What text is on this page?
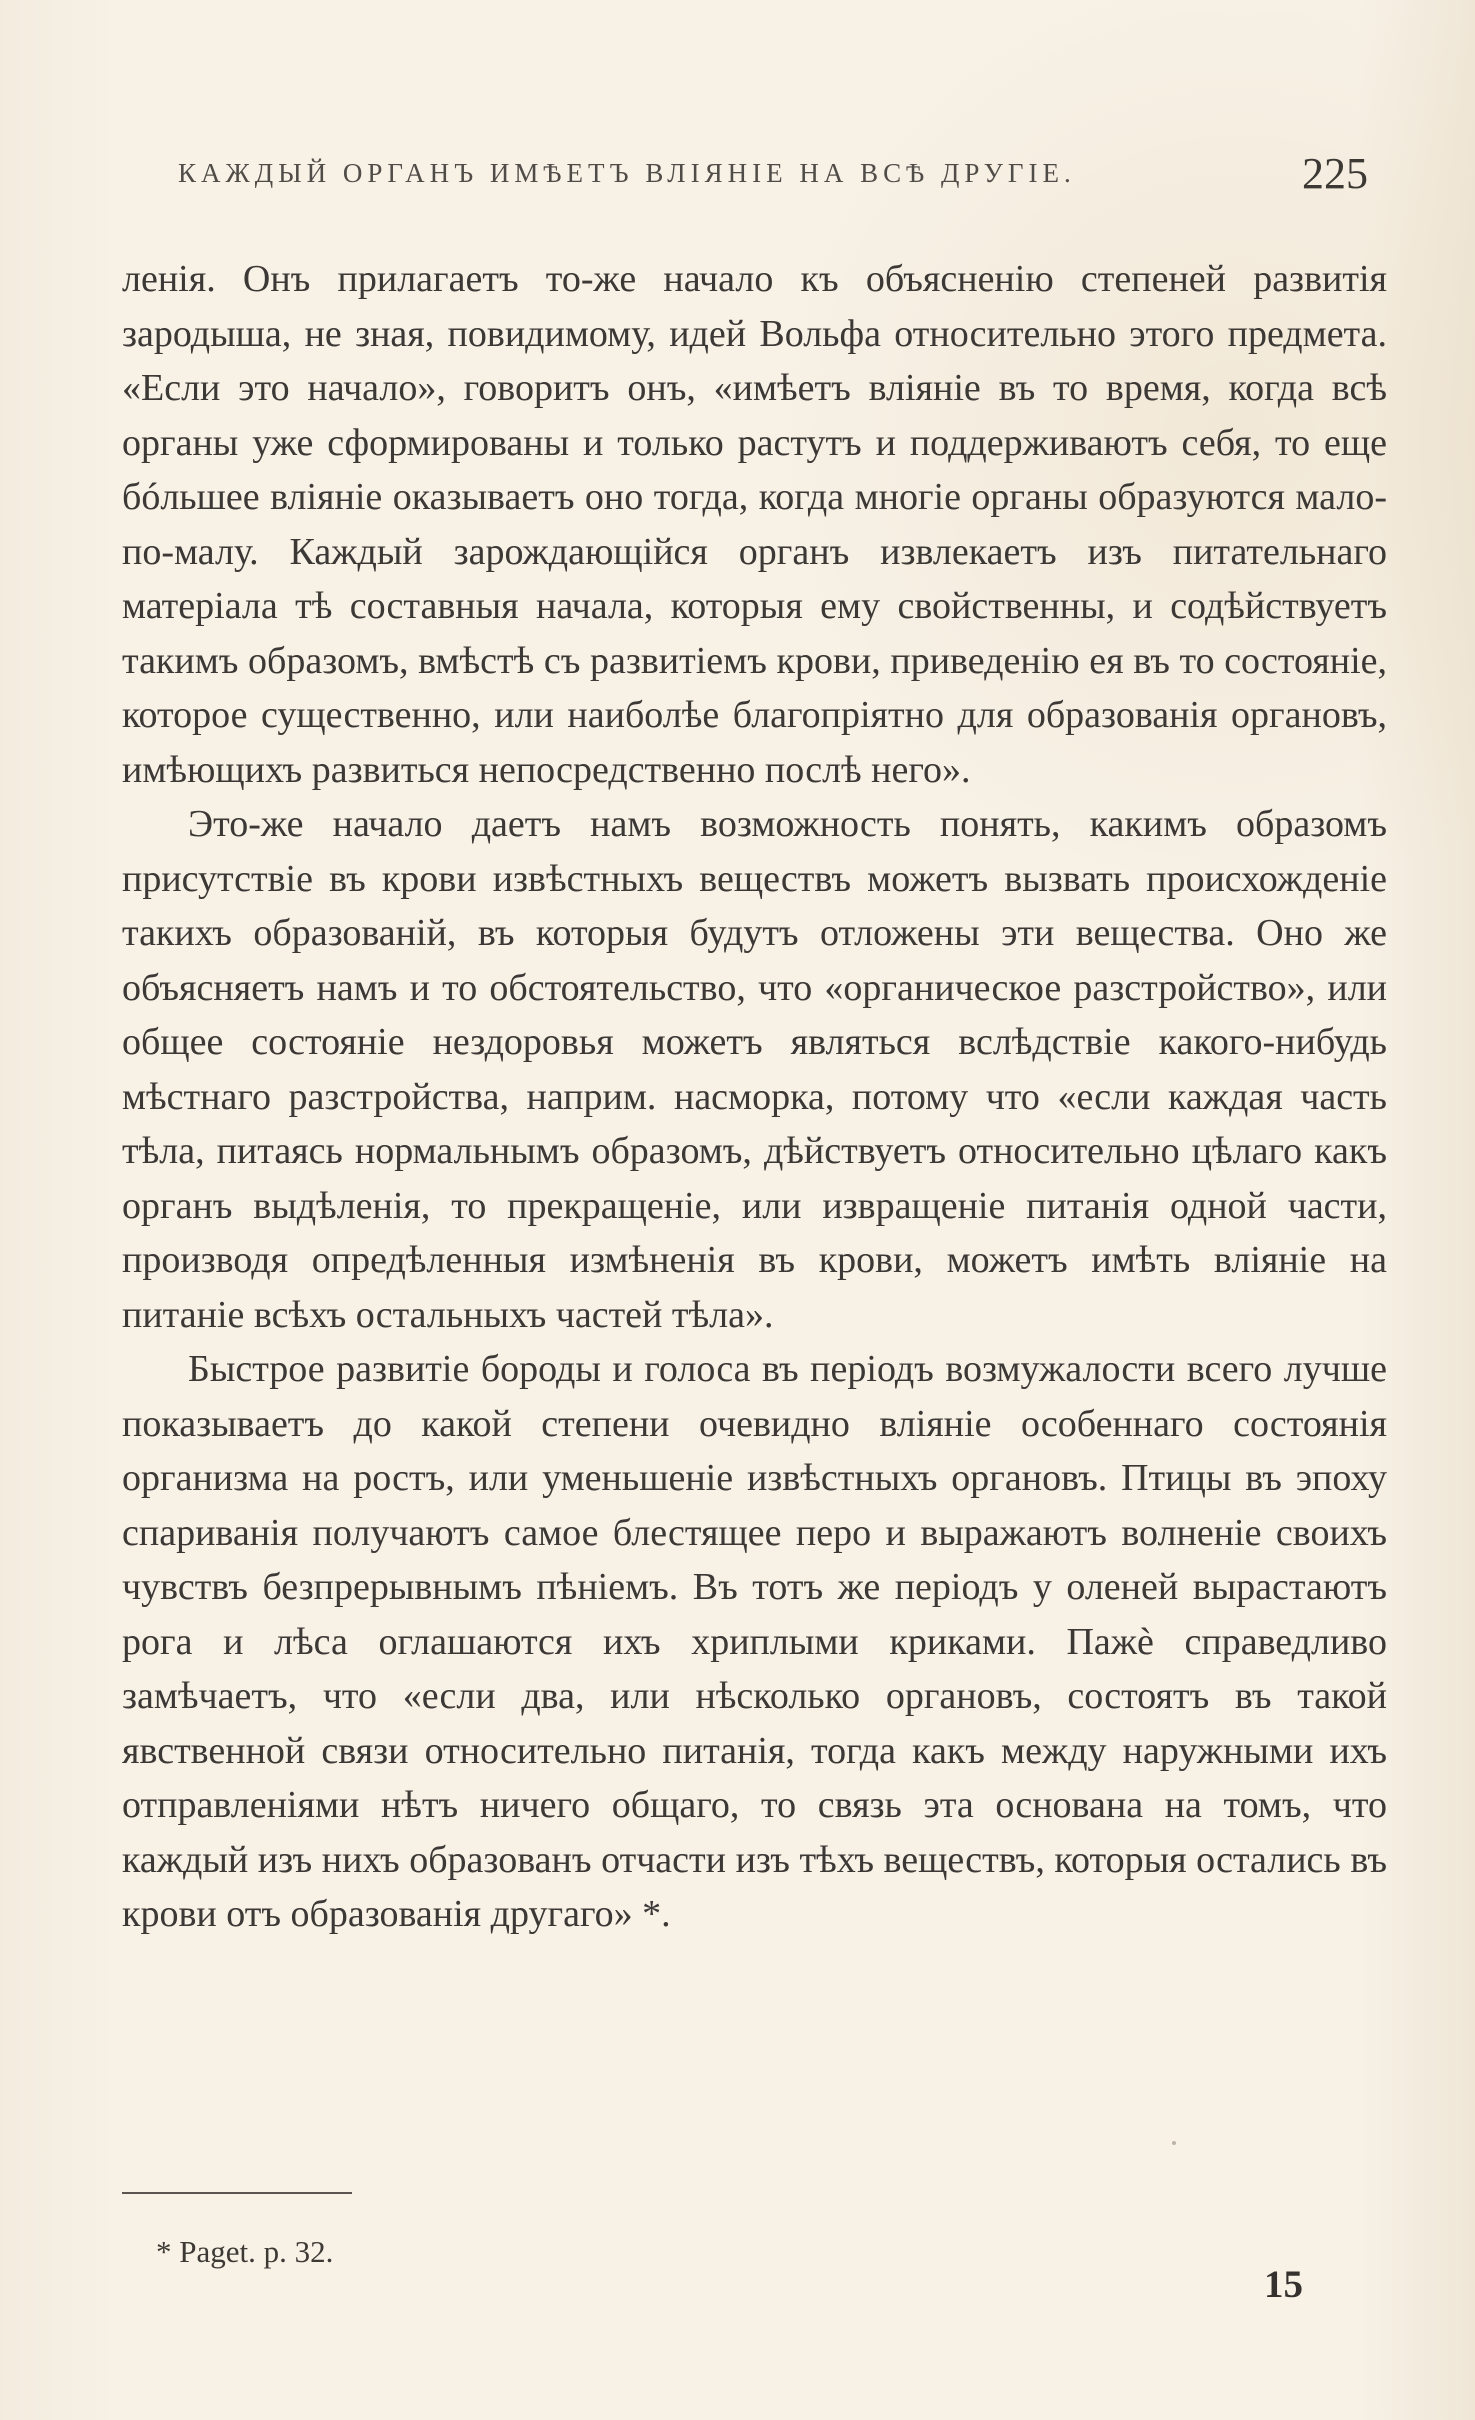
КАЖДЫЙ ОРГАНЪ ИМѢЕТЪ ВЛІЯНІЕ НА ВСѢ ДРУГІЕ.	225

ленія. Онъ прилагаетъ то-же начало къ объясненію степеней развитія зародыша, не зная, повидимому, идей Вольфа относительно этого предмета. «Если это начало», говоритъ онъ, «имѣетъ вліяніе въ то время, когда всѣ органы уже сформированы и только растутъ и поддерживаютъ себя, то еще бóльшее вліяніе оказываетъ оно тогда, когда многіе органы образуются мало-по-малу. Каждый зарождающійся органъ извлекаетъ изъ питательнаго матеріала тѣ составныя начала, которыя ему свойственны, и содѣйствуетъ такимъ образомъ, вмѣстѣ съ развитіемъ крови, приведенію ея въ то состояніе, которое существенно, или наиболѣе благопріятно для образованія органовъ, имѣющихъ развиться непосредственно послѣ него».

Это-же начало даетъ намъ возможность понять, какимъ образомъ присутствіе въ крови извѣстныхъ веществъ можетъ вызвать происхожденіе такихъ образованій, въ которыя будутъ отложены эти вещества. Оно же объясняетъ намъ и то обстоятельство, что «органическое разстройство», или общее состояніе нездоровья можетъ являться вслѣдствіе какого-нибудь мѣстнаго разстройства, наприм. насморка, потому что «если каждая часть тѣла, питаясь нормальнымъ образомъ, дѣйствуетъ относительно цѣлаго какъ органъ выдѣленія, то прекращеніе, или извращеніе питанія одной части, производя опредѣленныя измѣненія въ крови, можетъ имѣть вліяніе на питаніе всѣхъ остальныхъ частей тѣла».

Быстрое развитіе бороды и голоса въ періодъ возмужалости всего лучше показываетъ до какой степени очевидно вліяніе особеннаго состоянія организма на ростъ, или уменьшеніе извѣстныхъ органовъ. Птицы въ эпоху спариванія получаютъ самое блестящее перо и выражаютъ волненіе своихъ чувствъ безпрерывнымъ пѣніемъ. Въ тотъ же періодъ у оленей вырастаютъ рога и лѣса оглашаются ихъ хриплыми криками. Пажè справедливо замѣчаетъ, что «если два, или нѣсколько органовъ, состоятъ въ такой явственной связи относительно питанія, тогда какъ между наружными ихъ отправленіями нѣтъ ничего общаго, то связь эта основана на томъ, что каждый изъ нихъ образованъ отчасти изъ тѣхъ веществъ, которыя остались въ крови отъ образованія другаго» *.

* Paget. p. 32.
15
